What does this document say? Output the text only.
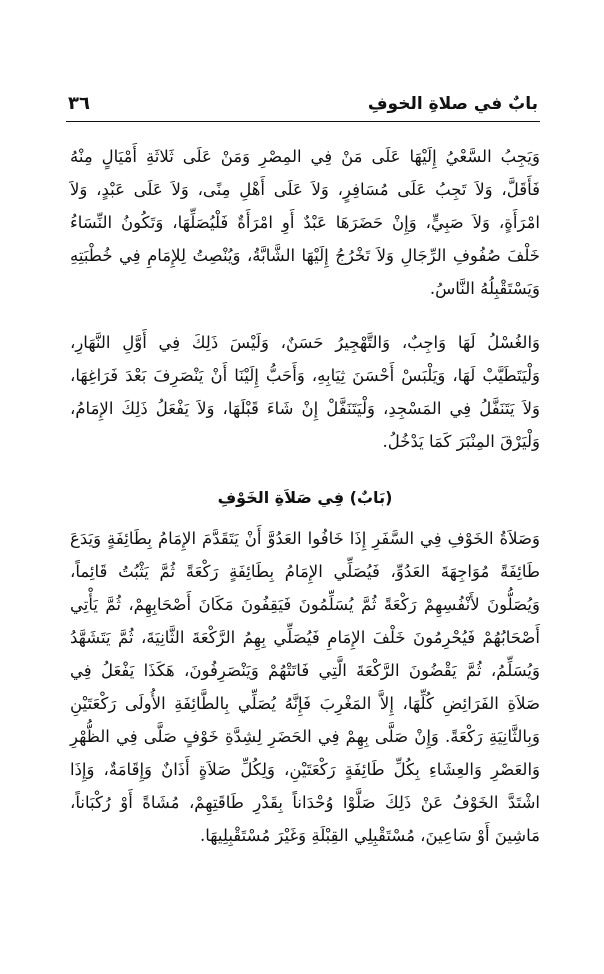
بابٌ في صلاةِ الخوفِ
٣٦

وَيَجِبُ السَّعْيُ إِلَيْهَا عَلَى مَنْ فِي المِصْرِ وَمَنْ عَلَى ثَلاثَةِ أَمْيَالٍ مِنْهُ فَأَقَلَّ، وَلاَ تَجِبُ عَلَى مُسَافِرٍ، وَلاَ عَلَى أَهْلِ مِنًى، وَلاَ عَلَى عَبْدٍ، وَلاَ امْرَأَةٍ، وَلاَ صَبِيٍّ، وَإِنْ حَضَرَهَا عَبْدٌ أَوِ امْرَأَةٌ فَلْيُصَلِّهَا، وَتَكُونُ النِّسَاءُ خَلْفَ صُفُوفِ الرِّجَالِ وَلاَ تَخْرُجُ إِلَيْهَا الشَّابَّةُ، وَيُنْصِتُ لِلإِمَامِ فِي خُطْبَتِهِ وَيَسْتَقْبِلُهُ النَّاسُ.

وَالغُسْلُ لَهَا وَاجِبٌ، وَالتَّهْجِيرُ حَسَنٌ، وَلَيْسَ ذَلِكَ فِي أَوَّلِ النَّهَارِ، وَلْيَتَطَيَّبْ لَهَا، وَيَلْبَسْ أَحْسَنَ ثِيَابِهِ، وَأَحَبُّ إِلَيْنَا أَنْ يَنْصَرِفَ بَعْدَ فَرَاغِهَا، وَلاَ يَتَنَفَّلُ فِي المَسْجِدِ، وَلْيَتَنَفَّلْ إِنْ شَاءَ قَبْلَهَا، وَلاَ يَفْعَلُ ذَلِكَ الإِمَامُ، وَلْيَرْقَ المِنْبَرَ كَمَا يَدْخُلُ.

(بَابٌ) فِي صَلاَةِ الخَوْفِ

وَصَلاَةُ الخَوْفِ فِي السَّفَرِ إِذَا خَافُوا العَدُوَّ أَنْ يَتَقَدَّمَ الإِمَامُ بِطَائِفَةٍ وَيَدَعَ طَائِفَةً مُوَاجِهَةَ العَدُوِّ، فَيُصَلِّي الإِمَامُ بِطَائِفَةٍ رَكْعَةً ثُمَّ يَثْبُتُ قَائِماً، وَيُصَلُّونَ لأَنْفُسِهِمْ رَكْعَةً ثُمَّ يُسَلِّمُونَ فَيَقِفُونَ مَكَانَ أَصْحَابِهِمْ، ثُمَّ يَأْتِي أَصْحَابُهُمْ فَيُحْرِمُونَ خَلْفَ الإِمَامِ فَيُصَلِّي بِهِمُ الرَّكْعَةَ الثَّانِيَةَ، ثُمَّ يَتَشَهَّدُ وَيُسَلِّمُ، ثُمَّ يَقْضُونَ الرَّكْعَةَ الَّتِي فَاتَتْهُمْ وَيَنْصَرِفُونَ، هَكَذَا يَفْعَلُ فِي صَلاَةِ الفَرَائِضِ كُلِّهَا، إِلاَّ المَغْرِبَ فَإِنَّهُ يُصَلِّي بِالطَّائِفَةِ الأُولَى رَكْعَتَيْنِ وَبِالثَّانِيَةِ رَكْعَةً. وَإِنْ صَلَّى بِهِمْ فِي الحَضَرِ لِشِدَّةِ خَوْفٍ صَلَّى فِي الظُّهْرِ وَالعَصْرِ وَالعِشَاءِ بِكُلِّ طَائِفَةٍ رَكْعَتَيْنِ، وَلِكُلِّ صَلاَةٍ أَذَانٌ وَإِقَامَةٌ، وَإِذَا اشْتَدَّ الخَوْفُ عَنْ ذَلِكَ صَلَّوْا وُحْدَاناً بِقَدْرِ طَاقَتِهِمْ، مُشَاةً أَوْ رُكْبَاناً، مَاشِينَ أَوْ سَاعِينَ، مُسْتَقْبِلِي القِبْلَةِ وَغَيْرَ مُسْتَقْبِلِيهَا.
